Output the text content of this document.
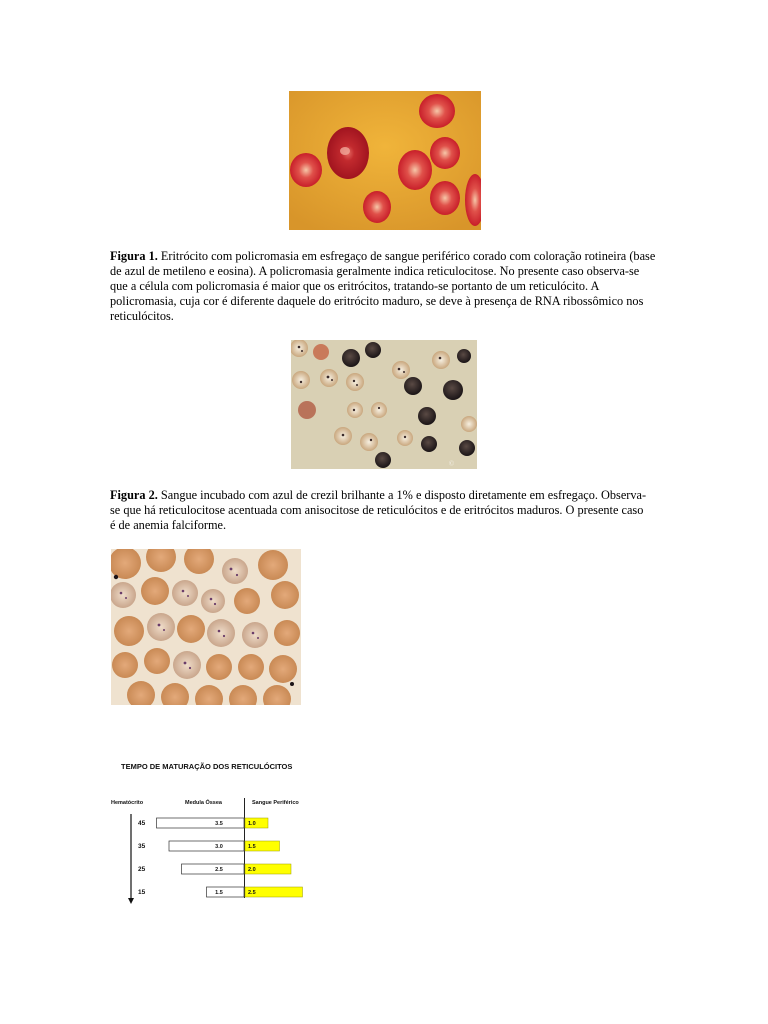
Figura 1. Eritrócito com policromasia em esfregaço de sangue periférico corado com coloração rotineira (base de azul de metileno e eosina). A policromasia geralmente indica reticulocitose. No presente caso observa-se que a célula com policromasia é maior que os eritrócitos, tratando-se portanto de um reticulócito. A policromasia, cuja cor é diferente daquele do eritrócito maduro, se deve à presença de RNA ribossômico nos reticulócitos.
Ⓒ
Figura 2. Sangue incubado com azul de crezil brilhante a 1% e disposto diretamente em esfregaço. Observa-se que há reticulocitose acentuada com anisocitose de reticulócitos e de eritrócitos maduros. O presente caso é de anemia falciforme.
TEMPO DE MATURAÇÃO DOS RETICULÓCITOS
Hematócrito	Medula Óssea	Sangue Periférico
45	3.5	1.0
35	3.0	1.5
25	2.5	2.0
15	1.5	2.5
